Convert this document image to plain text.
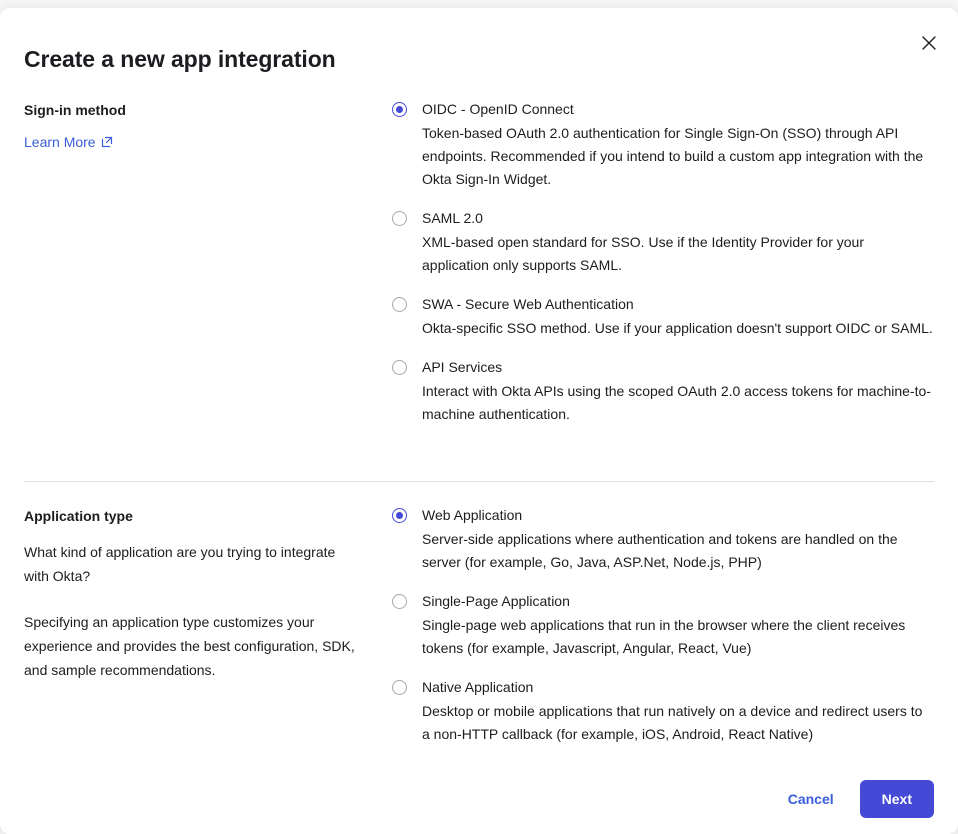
Create a new app integration
Sign-in method
Learn More
OIDC - OpenID Connect
Token-based OAuth 2.0 authentication for Single Sign-On (SSO) through API endpoints. Recommended if you intend to build a custom app integration with the Okta Sign-In Widget.
SAML 2.0
XML-based open standard for SSO. Use if the Identity Provider for your application only supports SAML.
SWA - Secure Web Authentication
Okta-specific SSO method. Use if your application doesn't support OIDC or SAML.
API Services
Interact with Okta APIs using the scoped OAuth 2.0 access tokens for machine-to-machine authentication.
Application type
What kind of application are you trying to integrate with Okta?
Specifying an application type customizes your experience and provides the best configuration, SDK, and sample recommendations.
Web Application
Server-side applications where authentication and tokens are handled on the server (for example, Go, Java, ASP.Net, Node.js, PHP)
Single-Page Application
Single-page web applications that run in the browser where the client receives tokens (for example, Javascript, Angular, React, Vue)
Native Application
Desktop or mobile applications that run natively on a device and redirect users to a non-HTTP callback (for example, iOS, Android, React Native)
Cancel	Next
